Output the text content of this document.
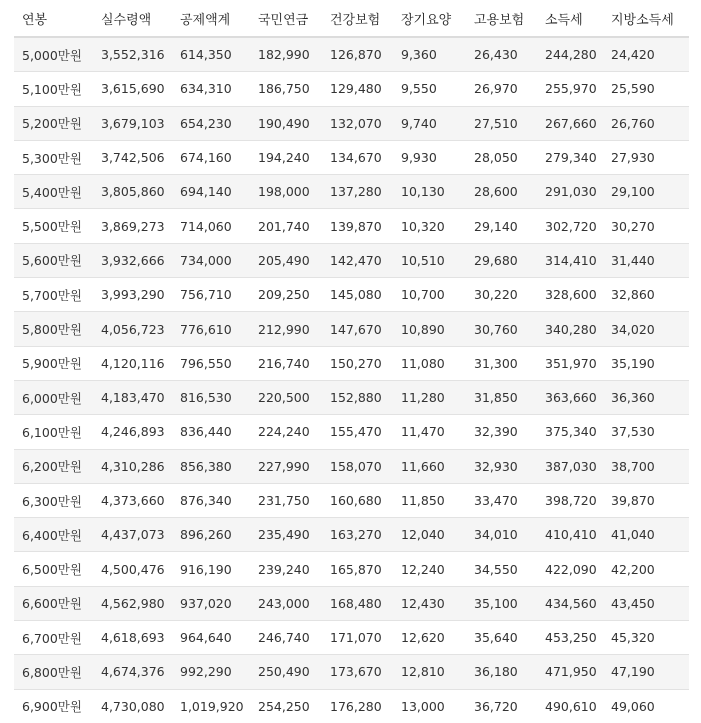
연봉	실수령액	공제액계	국민연금	건강보험	장기요양	고용보험	소득세	지방소득세
5,000만원	3,552,316	614,350	182,990	126,870	9,360	26,430	244,280	24,420
5,100만원	3,615,690	634,310	186,750	129,480	9,550	26,970	255,970	25,590
5,200만원	3,679,103	654,230	190,490	132,070	9,740	27,510	267,660	26,760
5,300만원	3,742,506	674,160	194,240	134,670	9,930	28,050	279,340	27,930
5,400만원	3,805,860	694,140	198,000	137,280	10,130	28,600	291,030	29,100
5,500만원	3,869,273	714,060	201,740	139,870	10,320	29,140	302,720	30,270
5,600만원	3,932,666	734,000	205,490	142,470	10,510	29,680	314,410	31,440
5,700만원	3,993,290	756,710	209,250	145,080	10,700	30,220	328,600	32,860
5,800만원	4,056,723	776,610	212,990	147,670	10,890	30,760	340,280	34,020
5,900만원	4,120,116	796,550	216,740	150,270	11,080	31,300	351,970	35,190
6,000만원	4,183,470	816,530	220,500	152,880	11,280	31,850	363,660	36,360
6,100만원	4,246,893	836,440	224,240	155,470	11,470	32,390	375,340	37,530
6,200만원	4,310,286	856,380	227,990	158,070	11,660	32,930	387,030	38,700
6,300만원	4,373,660	876,340	231,750	160,680	11,850	33,470	398,720	39,870
6,400만원	4,437,073	896,260	235,490	163,270	12,040	34,010	410,410	41,040
6,500만원	4,500,476	916,190	239,240	165,870	12,240	34,550	422,090	42,200
6,600만원	4,562,980	937,020	243,000	168,480	12,430	35,100	434,560	43,450
6,700만원	4,618,693	964,640	246,740	171,070	12,620	35,640	453,250	45,320
6,800만원	4,674,376	992,290	250,490	173,670	12,810	36,180	471,950	47,190
6,900만원	4,730,080	1,019,920	254,250	176,280	13,000	36,720	490,610	49,060
